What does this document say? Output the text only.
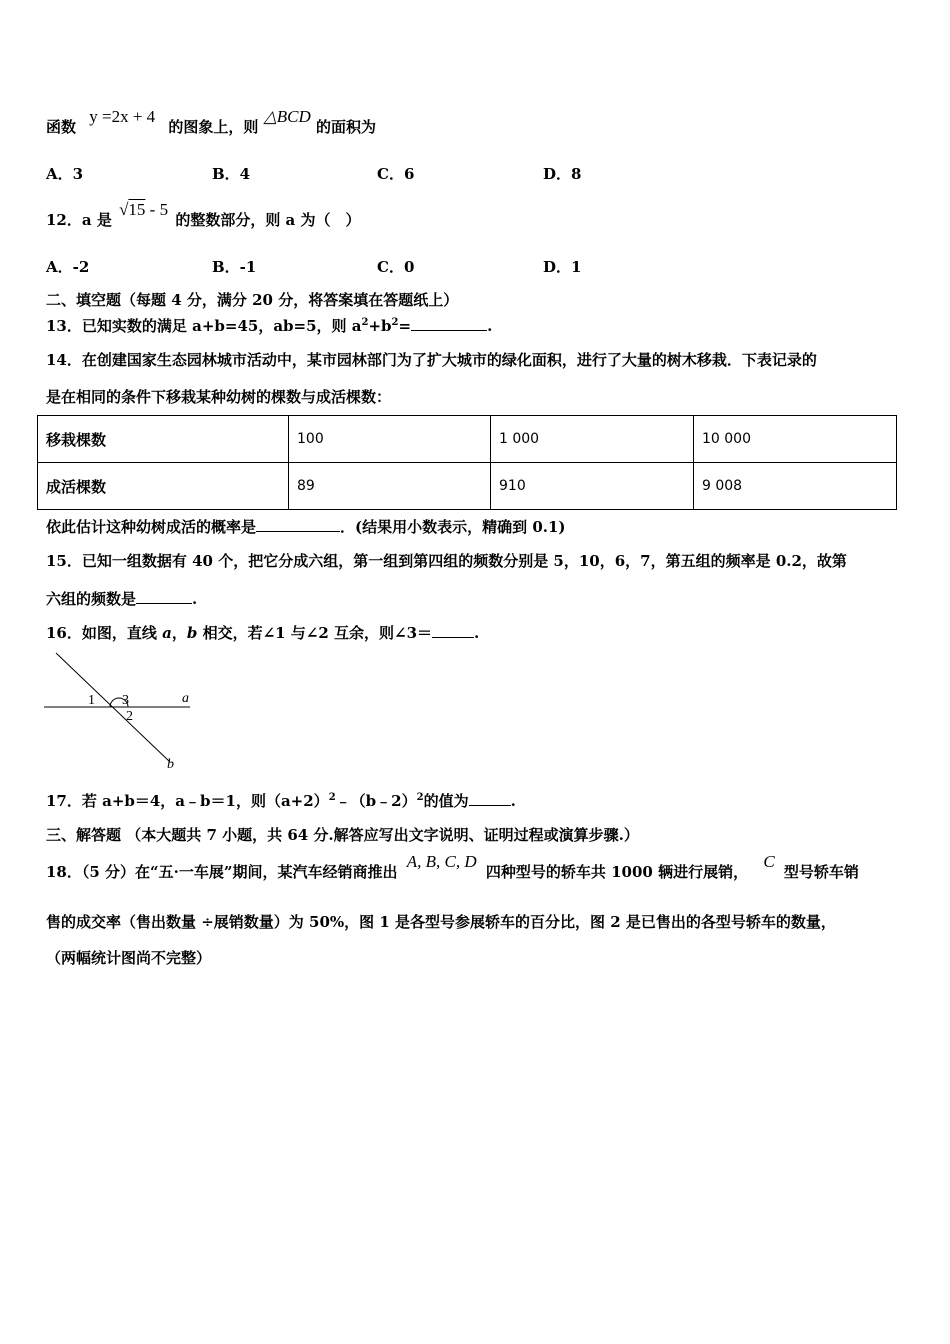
函数 y =2x + 4 的图象上，则 △BCD 的面积为
A．3	B．4	C．6	D．8
12．a 是 √15 - 5 的整数部分，则 a 为（　）
A．-2	B．-1	C．0	D．1
二、填空题（每题 4 分，满分 20 分，将答案填在答题纸上）
13．已知实数的满足 a+b=45，ab=5，则 $a^2+b^2=$	.
14．在创建国家生态园林城市活动中，某市园林部门为了扩大城市的绿化面积，进行了大量的树木移栽．下表记录的
是在相同的条件下移栽某种幼树的棵数与成活棵数：
移栽棵数	100	1 000	10 000
成活棵数	89	910	9 008
依此估计这种幼树成活的概率是	．(结果用小数表示，精确到 0.1)
15．已知一组数据有 40 个，把它分成六组，第一组到第四组的频数分别是 5，10，6，7，第五组的频率是 0.2，故第
六组的频数是	.
16．如图，直线 a，b 相交，若∠1 与∠2 互余，则∠3＝	.
1 3
2
a
b
17．若 a+b＝4，a﹣b＝1，则$(a+2)^2﹣(b﹣2)^2$的值为	.
三、解答题 （本大题共 7 小题，共 64 分.解答应写出文字说明、证明过程或演算步骤.）
18．（5 分）在“五·一车展”期间，某汽车经销商推出 A, B, C, D 四种型号的轿车共 1000 辆进行展销， C 型号轿车销
售的成交率（售出数量 ÷展销数量）为 50%，图 1 是各型号参展轿车的百分比，图 2 是已售出的各型号轿车的数量，
（两幅统计图尚不完整）
